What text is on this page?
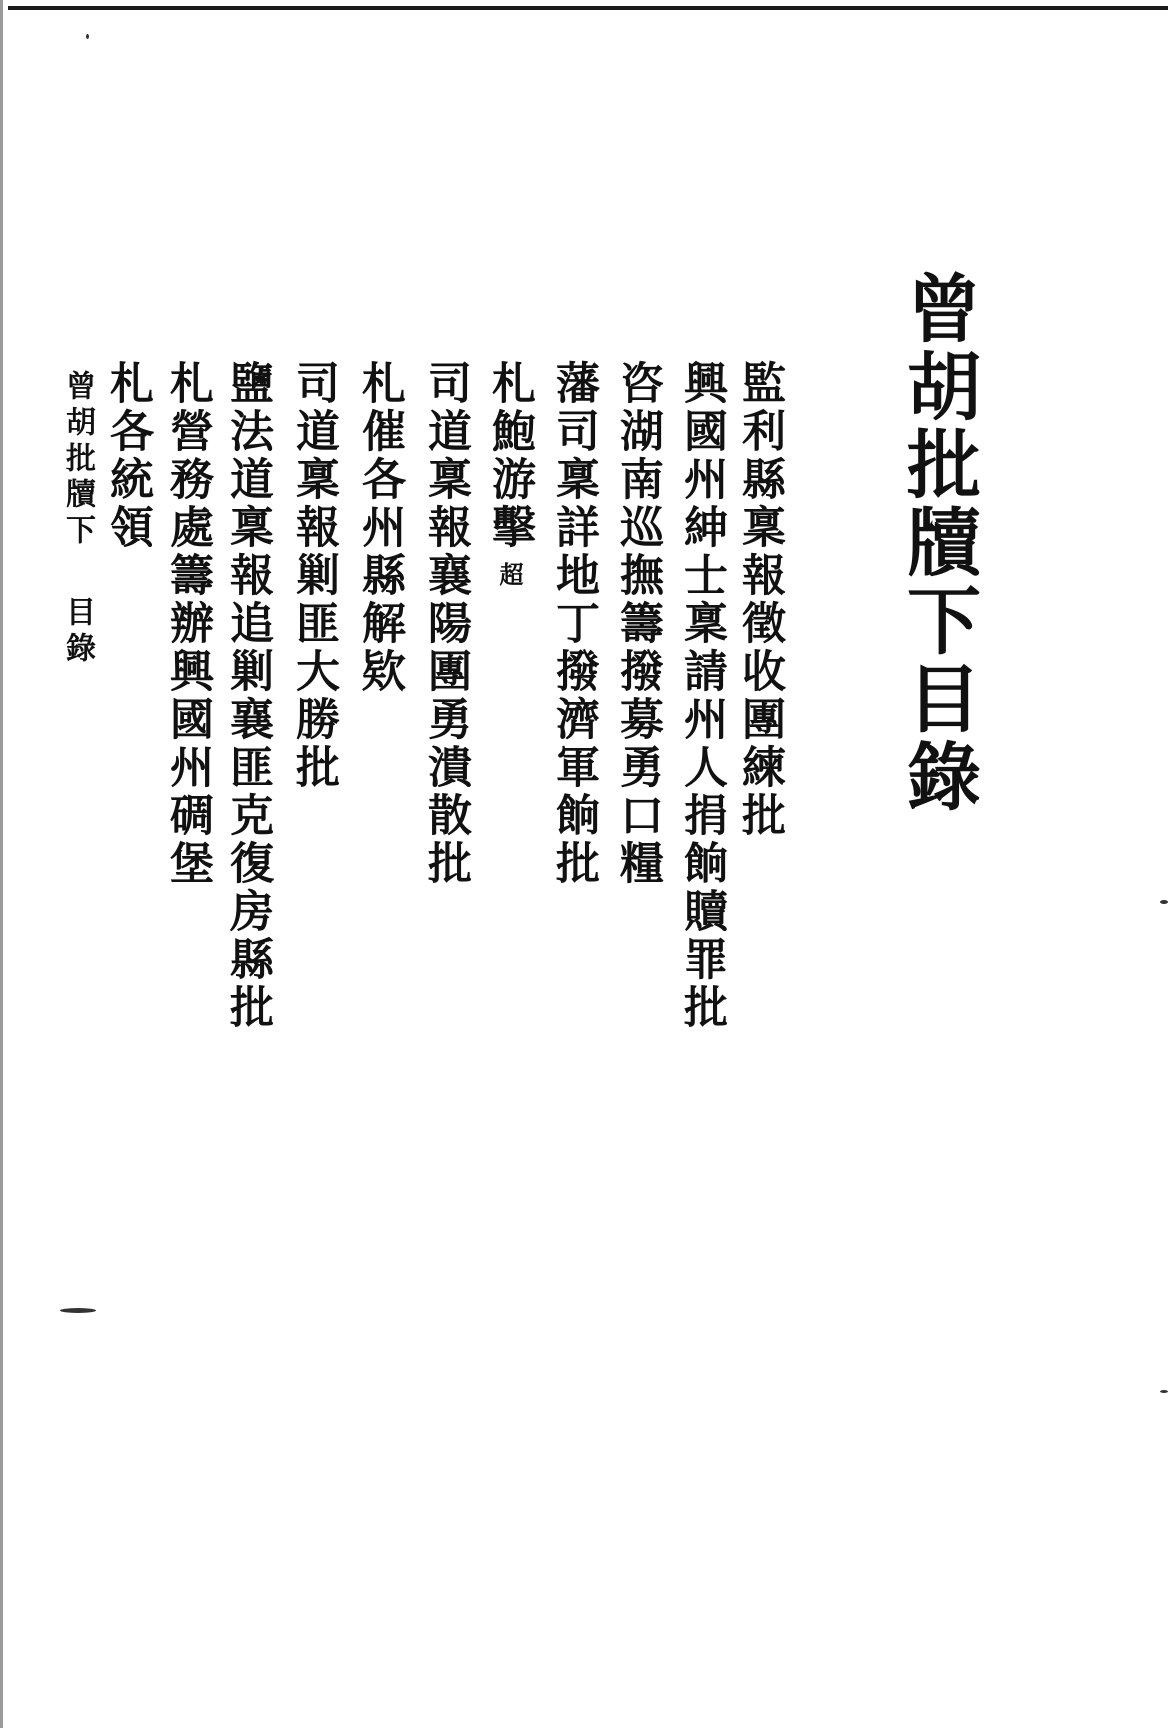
曾胡批牘下目錄
監利縣稟報徵收團練批
興國州紳士稟請州人捐餉贖罪批
咨湖南巡撫籌撥募勇口糧
藩司稟詳地丁撥濟軍餉批
札鮑游擊超
司道稟報襄陽團勇潰散批
札催各州縣解欵
司道稟報剿匪大勝批
鹽法道稟報追剿襄匪克復房縣批
札營務處籌辦興國州碉堡
札各統領
曾胡批牘下目錄
